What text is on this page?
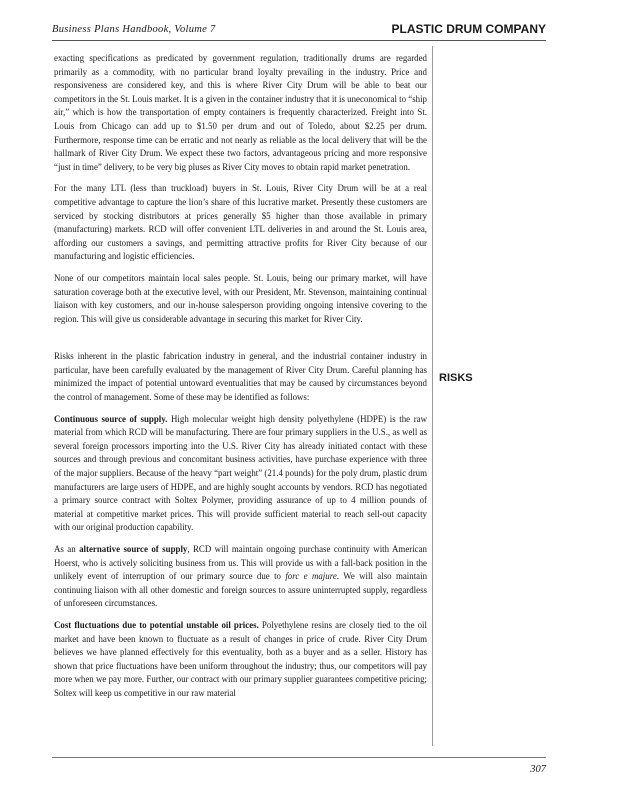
Business Plans Handbook, Volume 7	PLASTIC DRUM COMPANY

exacting specifications as predicated by government regulation, traditionally drums are regarded primarily as a commodity, with no particular brand loyalty prevailing in the industry. Price and responsiveness are considered key, and this is where River City Drum will be able to beat our competitors in the St. Louis market. It is a given in the container industry that it is uneconomical to “ship air,” which is how the transportation of empty containers is frequently characterized. Freight into St. Louis from Chicago can add up to $1.50 per drum and out of Toledo, about $2.25 per drum. Furthermore, response time can be erratic and not nearly as reliable as the local delivery that will be the hallmark of River City Drum. We expect these two factors, advantageous pricing and more responsive “just in time” delivery, to be very big pluses as River City moves to obtain rapid market penetration.

For the many LTL (less than truckload) buyers in St. Louis, River City Drum will be at a real competitive advantage to capture the lion’s share of this lucrative market. Presently these customers are serviced by stocking distributors at prices generally $5 higher than those available in primary (manufacturing) markets. RCD will offer convenient LTL deliveries in and around the St. Louis area, affording our customers a savings, and permitting attractive profits for River City because of our manufacturing and logistic efficiencies.

None of our competitors maintain local sales people. St. Louis, being our primary market, will have saturation coverage both at the executive level, with our President, Mr. Stevenson, maintaining continual liaison with key customers, and our in-house salesperson providing ongoing intensive covering to the region. This will give us considerable advantage in securing this market for River City.

Risks inherent in the plastic fabrication industry in general, and the industrial container industry in particular, have been carefully evaluated by the management of River City Drum. Careful planning has minimized the impact of potential untoward eventualities that may be caused by circumstances beyond the control of management. Some of these may be identified as follows:

Continuous source of supply. High molecular weight high density polyethylene (HDPE) is the raw material from which RCD will be manufacturing. There are four primary suppliers in the U.S., as well as several foreign processors importing into the U.S. River City has already initiated contact with these sources and through previous and concomitant business activities, have purchase experience with three of the major suppliers. Because of the heavy “part weight” (21.4 pounds) for the poly drum, plastic drum manufacturers are large users of HDPE, and are highly sought accounts by vendors. RCD has negotiated a primary source contract with Soltex Polymer, providing assurance of up to 4 million pounds of material at competitive market prices. This will provide sufficient material to reach sell-out capacity with our original production capability.

As an alternative source of supply, RCD will maintain ongoing purchase continuity with American Hoerst, who is actively soliciting business from us. This will provide us with a fall-back position in the unlikely event of interruption of our primary source due to forc e majure. We will also maintain continuing liaison with all other domestic and foreign sources to assure uninterrupted supply, regardless of unforeseen circumstances.

Cost fluctuations due to potential unstable oil prices. Polyethylene resins are closely tied to the oil market and have been known to fluctuate as a result of changes in price of crude. River City Drum believes we have planned effectively for this eventuality, both as a buyer and as a seller. History has shown that price fluctuations have been uniform throughout the industry; thus, our competitors will pay more when we pay more. Further, our contract with our primary supplier guarantees competitive pricing; Soltex will keep us competitive in our raw material

RISKS
307
